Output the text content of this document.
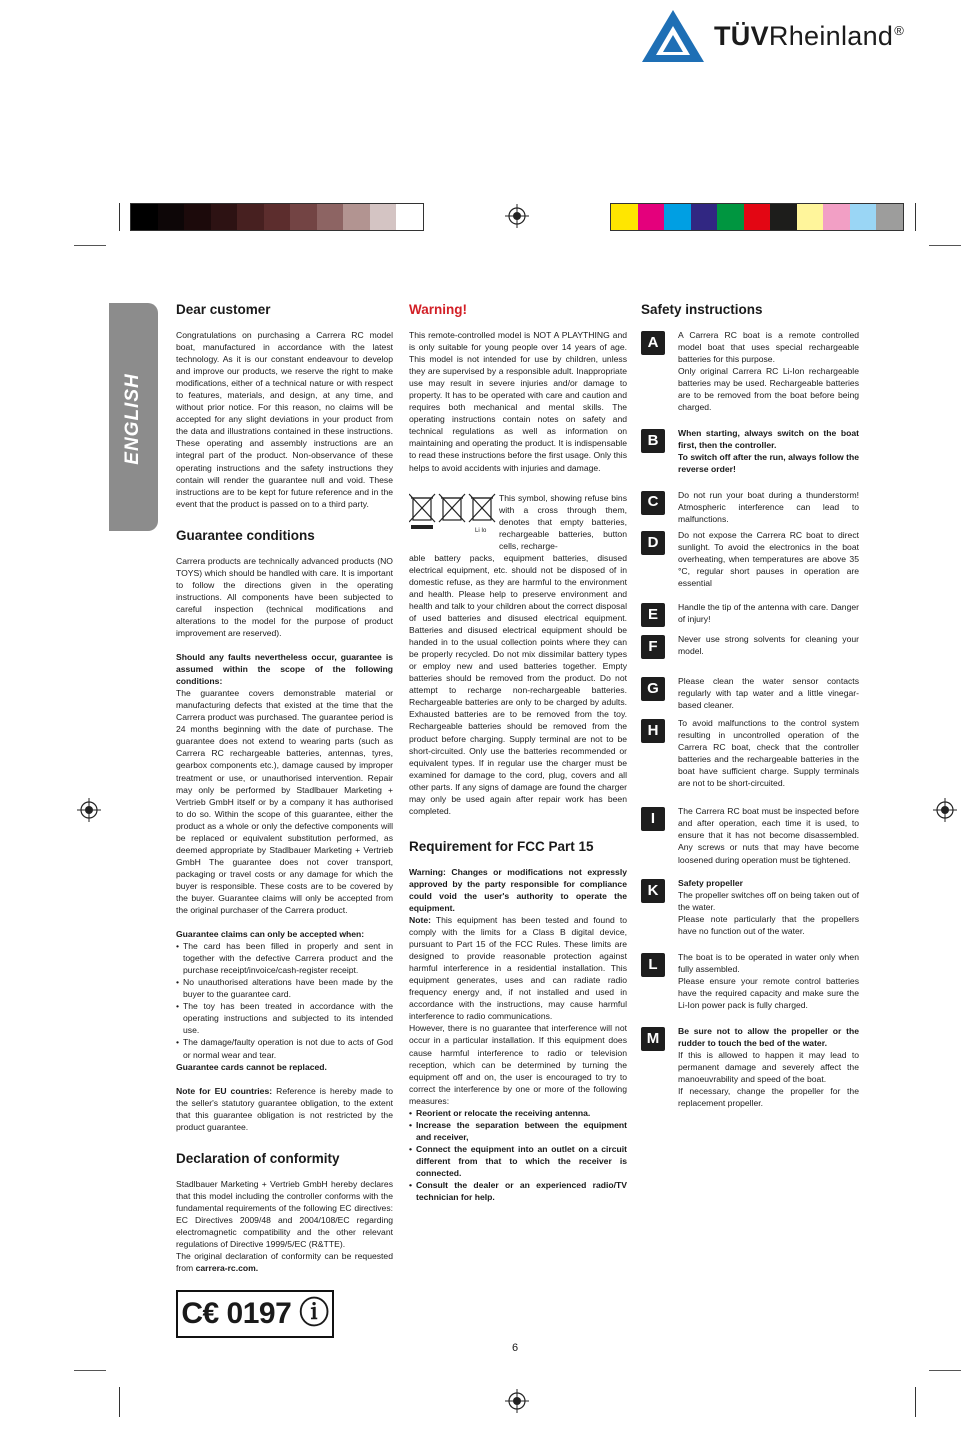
TÜVRheinland®
ENGLISH
Dear customer

Congratulations on purchasing a Carrera RC model boat, manufactured in accordance with the latest technology. As it is our constant endeavour to develop and improve our products, we reserve the right to make modifications, either of a technical nature or with respect to features, materials, and design, at any time, and without prior notice. For this reason, no claims will be accepted for any slight deviations in your product from the data and illustrations contained in these instructions. These operating and assembly instructions are an integral part of the product. Non-observance of these operating instructions and the safety instructions they contain will render the guarantee null and void. These instructions are to be kept for future reference and in the event that the product is passed on to a third party.

Guarantee conditions

Carrera products are technically advanced products (NO TOYS) which should be handled with care. It is important to follow the directions given in the operating instructions. All components have been subjected to careful inspection (technical modifications and alterations to the model for the purpose of product improvement are reserved).

Should any faults nevertheless occur, guarantee is assumed within the scope of the following conditions:

The guarantee covers demonstrable material or manufacturing defects that existed at the time that the Carrera product was purchased. The guarantee period is 24 months beginning with the date of purchase. The guarantee does not extend to wearing parts (such as Carrera RC rechargeable batteries, antennas, tyres, gearbox components etc.), damage caused by improper treatment or use, or unauthorised intervention. Repair may only be performed by Stadlbauer Marketing + Vertrieb GmbH itself or by a company it has authorised to do so. Within the scope of this guarantee, either the product as a whole or only the defective components will be replaced or equivalent substitution performed, as deemed appropriate by Stadlbauer Marketing + Vertrieb GmbH The guarantee does not cover transport, packaging or travel costs or any damage for which the buyer is responsible. These costs are to be covered by the buyer. Guarantee claims will only be accepted from the original purchaser of the Carrera product.

Guarantee claims can only be accepted when:

• The card has been filled in properly and sent in together with the defective Carrera product and the purchase receipt/invoice/cash-register receipt.
• No unauthorised alterations have been made by the buyer to the guarantee card.
• The toy has been treated in accordance with the operating instructions and subjected to its intended use.
• The damage/faulty operation is not due to acts of God or normal wear and tear.

Guarantee cards cannot be replaced.

Note for EU countries: Reference is hereby made to the seller's statutory guarantee obligation, to the extent that this guarantee obligation is not restricted by the product guarantee.

Declaration of conformity

Stadlbauer Marketing + Vertrieb GmbH hereby declares that this model including the controller conforms with the fundamental requirements of the following EC directives: EC Directives 2009/48 and 2004/108/EC regarding electromagnetic compatibility and the other relevant regulations of Directive 1999/5/EC (R&TTE).

The original declaration of conformity can be requested from carrera-rc.com.

C€ 0197 ⓘ
Warning!

This remote-controlled model is NOT A PLAYTHING and is only suitable for young people over 14 years of age. This model is not intended for use by children, unless they are supervised by a responsible adult. Inappropriate use may result in severe injuries and/or damage to property. It has to be operated with care and caution and requires both mechanical and mental skills. The operating instructions contain notes on safety and technical regulations as well as information on maintaining and operating the product. It is indispensable to read these instructions before the first usage. Only this helps to avoid accidents with injuries and damage.

Li Io
This symbol, showing refuse bins with a cross through them, denotes that empty batteries, rechargeable batteries, button cells, recharge-

able battery packs, equipment batteries, disused electrical equipment, etc. should not be disposed of in domestic refuse, as they are harmful to the environment and health. Please help to preserve environment and health and talk to your children about the correct disposal of used batteries and disused electrical equipment. Batteries and disused electrical equipment should be handed in to the usual collection points where they can be properly recycled. Do not mix dissimilar battery types or employ new and used batteries together. Empty batteries should be removed from the product. Do not attempt to recharge non-rechargeable batteries. Rechargeable batteries are only to be charged by adults. Exhausted batteries are to be removed from the toy. Rechargeable batteries should be removed from the product before charging. Supply terminal are not to be short-circuited. Only use the batteries recommended or equivalent types. If in regular use the charger must be examined for damage to the cord, plug, covers and all other parts. If any signs of damage are found the charger may only be used again after repair work has been completed.

Requirement for FCC Part 15

Warning: Changes or modifications not expressly approved by the party responsible for compliance could void the user's authority to operate the equipment.

Note: This equipment has been tested and found to comply with the limits for a Class B digital device, pursuant to Part 15 of the FCC Rules. These limits are designed to provide reasonable protection against harmful interference in a residential installation. This equipment generates, uses and can radiate radio frequency energy and, if not installed and used in accordance with the instructions, may cause harmful interference to radio communications.

However, there is no guarantee that interference will not occur in a particular installation. If this equipment does cause harmful interference to radio or television reception, which can be determined by turning the equipment off and on, the user is encouraged to try to correct the interference by one or more of the following measures:

• Reorient or relocate the receiving antenna.
• Increase the separation between the equipment and receiver,
• Connect the equipment into an outlet on a circuit different from that to which the receiver is connected.
• Consult the dealer or an experienced radio/TV technician for help.
Safety instructions
A	A Carrera RC boat is a remote controlled model boat that uses special rechargeable batteries for this purpose.
Only original Carrera RC Li-Ion rechargeable batteries may be used. Rechargeable batteries are to be removed from the boat before being charged.
B	When starting, always switch on the boat first, then the controller.
To switch off after the run, always follow the reverse order!
C	Do not run your boat during a thunderstorm! Atmospheric interference can lead to malfunctions.
D	Do not expose the Carrera RC boat to direct sunlight. To avoid the electronics in the boat overheating, when temperatures are above 35 °C, regular short pauses in operation are essential
E	Handle the tip of the antenna with care. Danger of injury!
F	Never use strong solvents for cleaning your model.
G	Please clean the water sensor contacts regularly with tap water and a little vinegar-based cleaner.
H	To avoid malfunctions to the control system resulting in uncontrolled operation of the Carrera RC boat, check that the controller batteries and the rechargeable batteries in the boat have sufficient charge. Supply terminals are not to be short-circuited.
I	The Carrera RC boat must be inspected before and after operation, each time it is used, to ensure that it has not become disassembled. Any screws or nuts that may have become loosened during operation must be tightened.
K	Safety propeller
The propeller switches off on being taken out of the water.
Please note particularly that the propellers have no function out of the water.
L	The boat is to be operated in water only when fully assembled.
Please ensure your remote control batteries have the required capacity and make sure the Li-Ion power pack is fully charged.
M	Be sure not to allow the propeller or the rudder to touch the bed of the water.
If this is allowed to happen it may lead to permanent damage and severely affect the manoeuvrability and speed of the boat.
If necessary, change the propeller for the replacement propeller.
6
